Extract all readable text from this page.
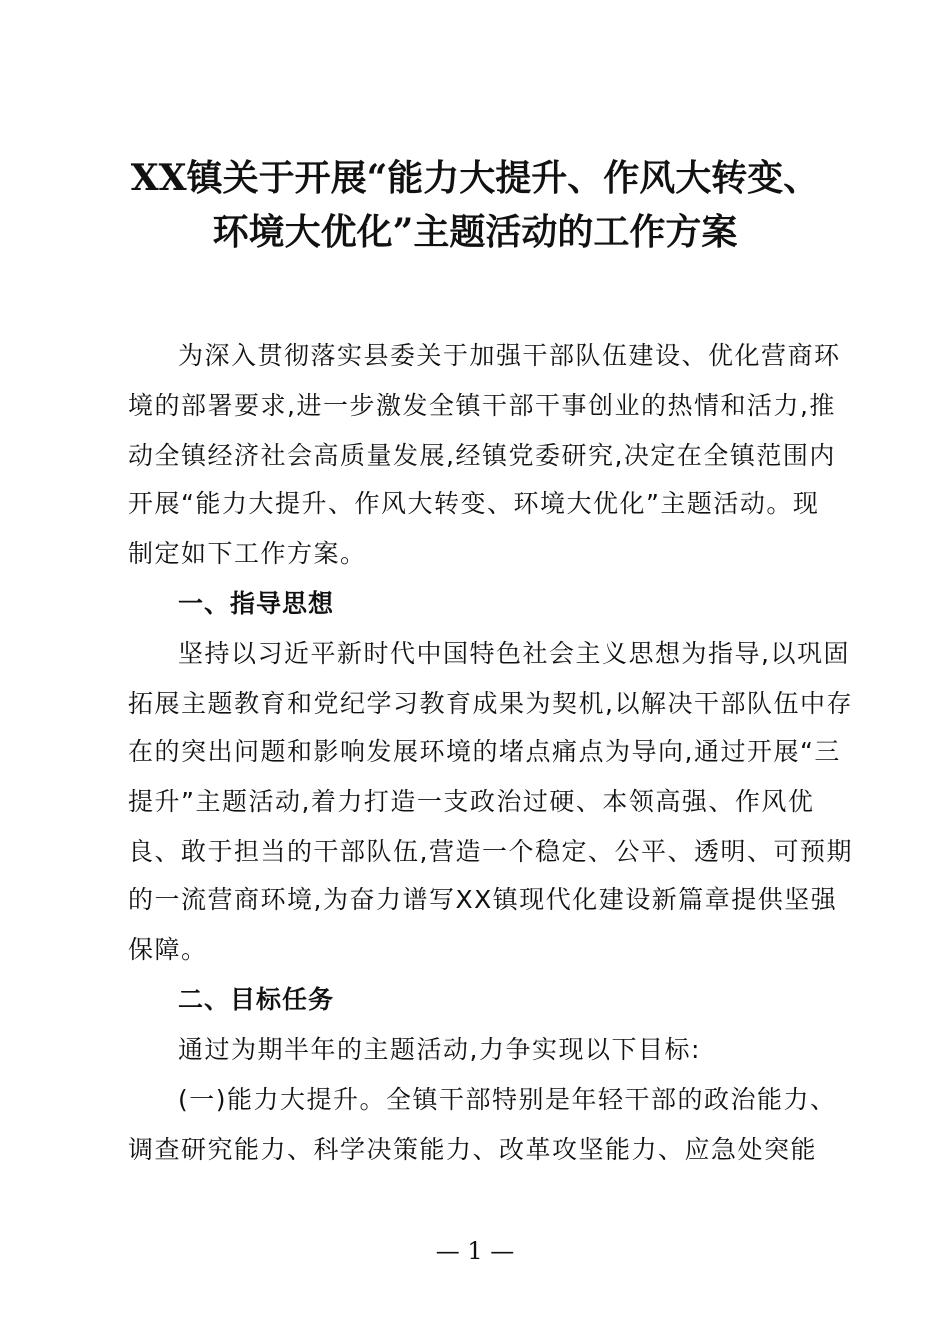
XX镇关于开展“能力大提升、作风大转变、
环境大优化”主题活动的工作方案
为深入贯彻落实县委关于加强干部队伍建设、优化营商环
境的部署要求,进一步激发全镇干部干事创业的热情和活力,推
动全镇经济社会高质量发展,经镇党委研究,决定在全镇范围内
开展“能力大提升、作风大转变、环境大优化”主题活动。现
制定如下工作方案。
一、指导思想
坚持以习近平新时代中国特色社会主义思想为指导,以巩固
拓展主题教育和党纪学习教育成果为契机,以解决干部队伍中存
在的突出问题和影响发展环境的堵点痛点为导向,通过开展“三
提升”主题活动,着力打造一支政治过硬、本领高强、作风优
良、敢于担当的干部队伍,营造一个稳定、公平、透明、可预期
的一流营商环境,为奋力谱写XX镇现代化建设新篇章提供坚强
保障。
二、目标任务
通过为期半年的主题活动,力争实现以下目标:
(一)能力大提升。全镇干部特别是年轻干部的政治能力、
调查研究能力、科学决策能力、改革攻坚能力、应急处突能
— 1 —
